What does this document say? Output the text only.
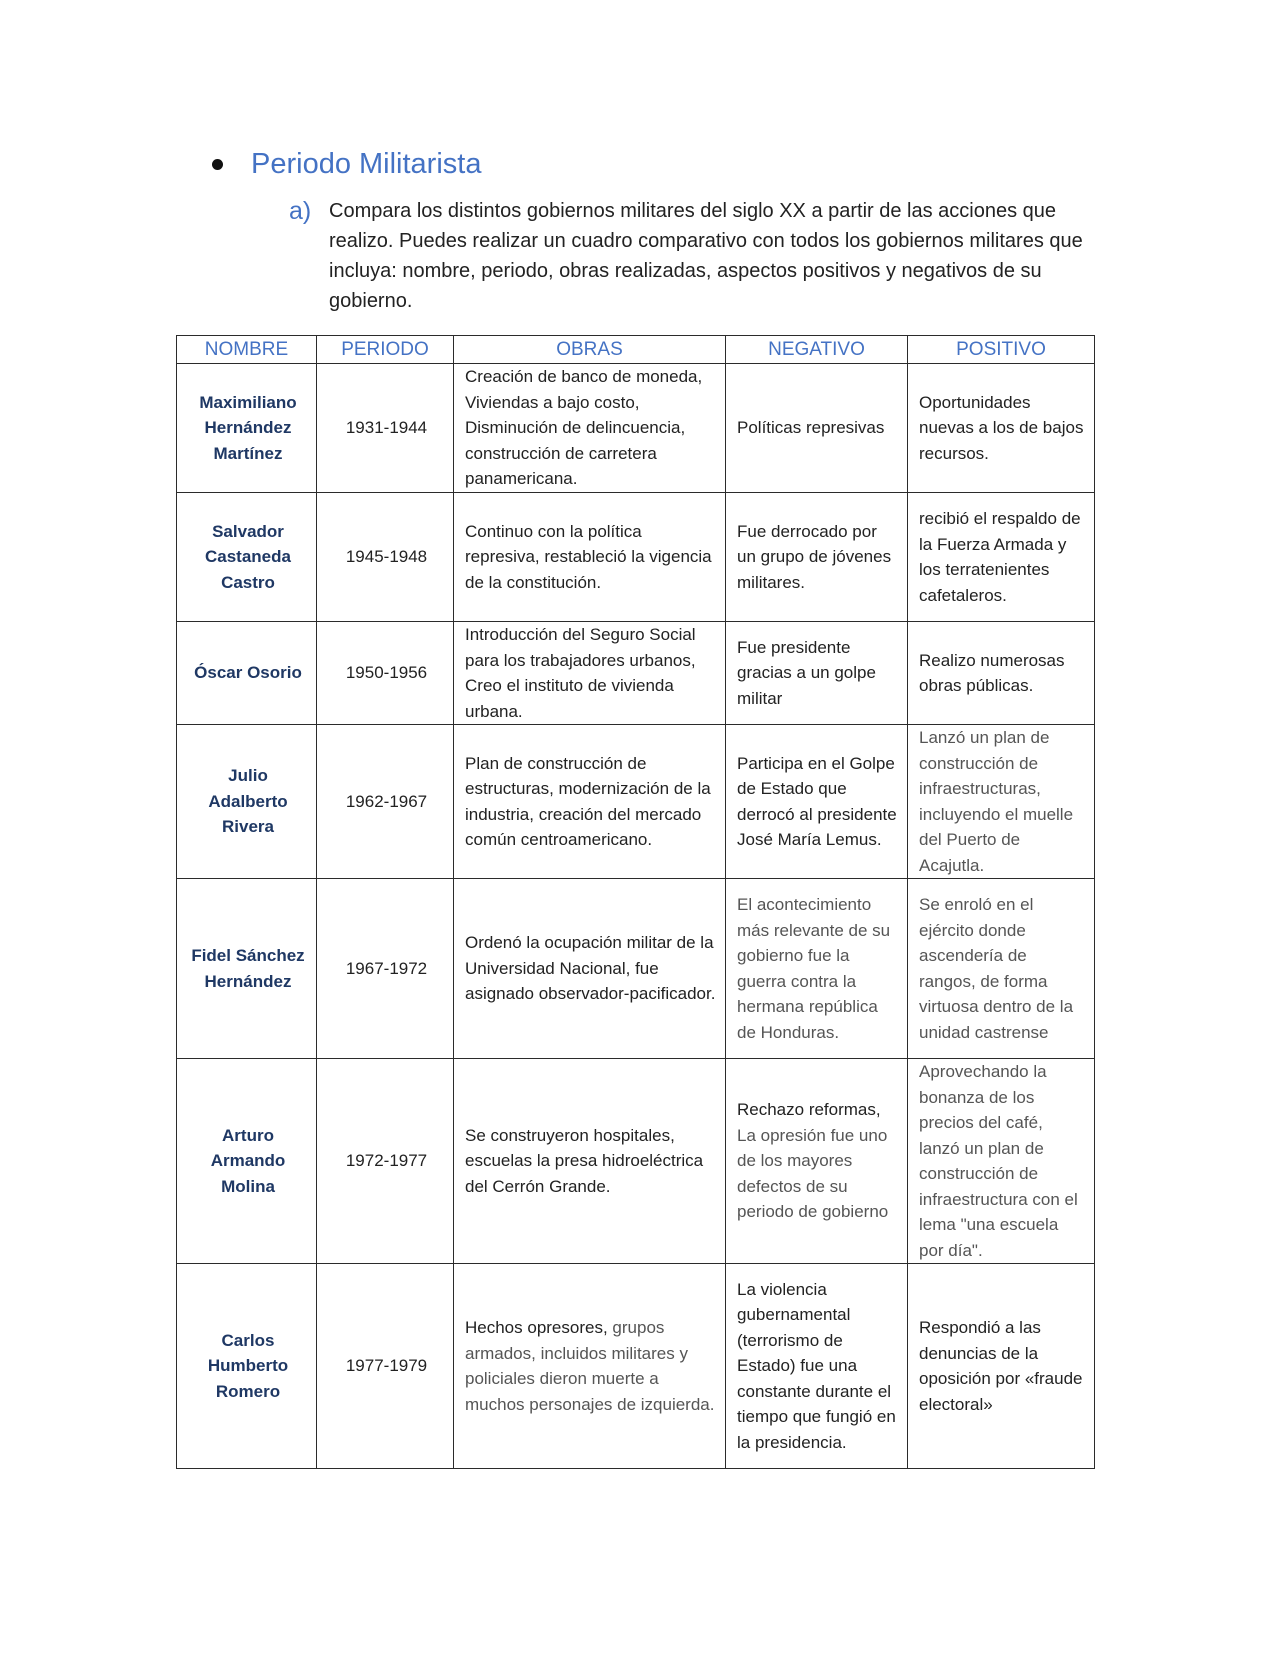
Periodo Militarista
a) Compara los distintos gobiernos militares del siglo XX a partir de las acciones que realizo. Puedes realizar un cuadro comparativo con todos los gobiernos militares que incluya: nombre, periodo, obras realizadas, aspectos positivos y negativos de su gobierno.
NOMBRE	PERIODO	OBRAS	NEGATIVO	POSITIVO
Maximiliano Hernández Martínez	1931-1944	Creación de banco de moneda, Viviendas a bajo costo, Disminución de delincuencia, construcción de carretera panamericana.	Políticas represivas	Oportunidades nuevas a los de bajos recursos.
Salvador Castaneda Castro	1945-1948	Continuo con la política represiva, restableció la vigencia de la constitución.	Fue derrocado por un grupo de jóvenes militares.	recibió el respaldo de la Fuerza Armada y los terratenientes cafetaleros.
Óscar Osorio	1950-1956	Introducción del Seguro Social para los trabajadores urbanos, Creo el instituto de vivienda urbana.	Fue presidente gracias a un golpe militar	Realizo numerosas obras públicas.
Julio Adalberto Rivera	1962-1967	Plan de construcción de estructuras, modernización de la industria, creación del mercado común centroamericano.	Participa en el Golpe de Estado que derrocó al presidente José María Lemus.	Lanzó un plan de construcción de infraestructuras, incluyendo el muelle del Puerto de Acajutla.
Fidel Sánchez Hernández	1967-1972	Ordenó la ocupación militar de la Universidad Nacional, fue asignado observador-pacificador.	El acontecimiento más relevante de su gobierno fue la guerra contra la hermana república de Honduras.	Se enroló en el ejército donde ascendería de rangos, de forma virtuosa dentro de la unidad castrense
Arturo Armando Molina	1972-1977	Se construyeron hospitales, escuelas la presa hidroeléctrica del Cerrón Grande.	Rechazo reformas, La opresión fue uno de los mayores defectos de su periodo de gobierno	Aprovechando la bonanza de los precios del café, lanzó un plan de construcción de infraestructura con el lema "una escuela por día".
Carlos Humberto Romero	1977-1979	Hechos opresores, grupos armados, incluidos militares y policiales dieron muerte a muchos personajes de izquierda.	La violencia gubernamental (terrorismo de Estado) fue una constante durante el tiempo que fungió en la presidencia.	Respondió a las denuncias de la oposición por «fraude electoral»
